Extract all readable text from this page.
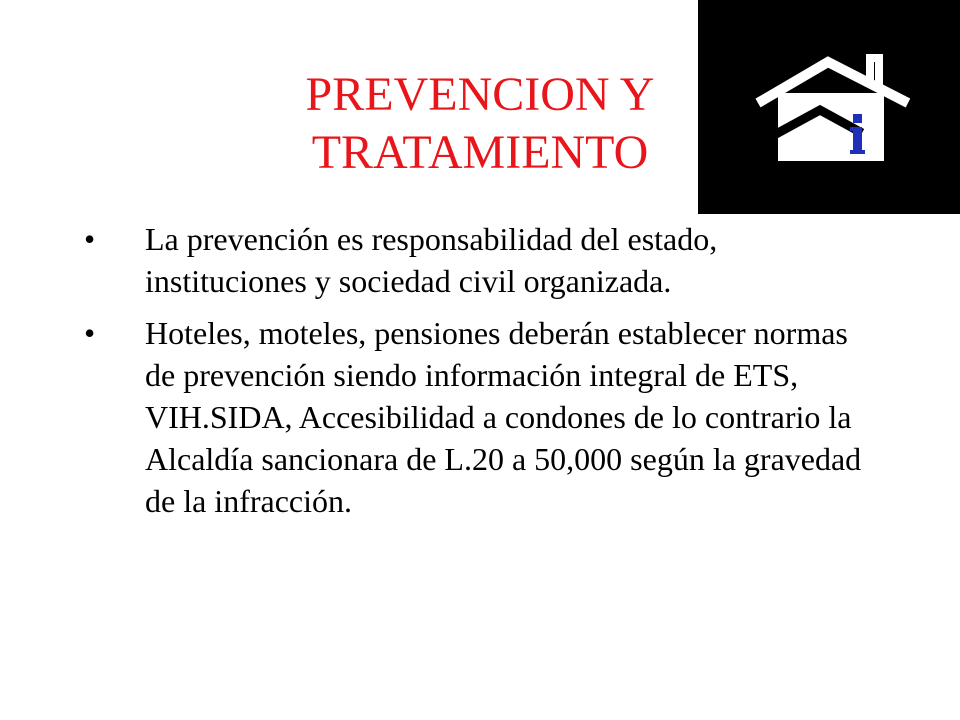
PREVENCION Y
TRATAMIENTO
• La prevención es responsabilidad del estado, instituciones y sociedad civil organizada.
• Hoteles, moteles, pensiones deberán establecer normas de prevención siendo información integral de ETS, VIH.SIDA, Accesibilidad a condones de lo contrario la Alcaldía sancionara de L.20 a 50,000 según la gravedad de la infracción.
